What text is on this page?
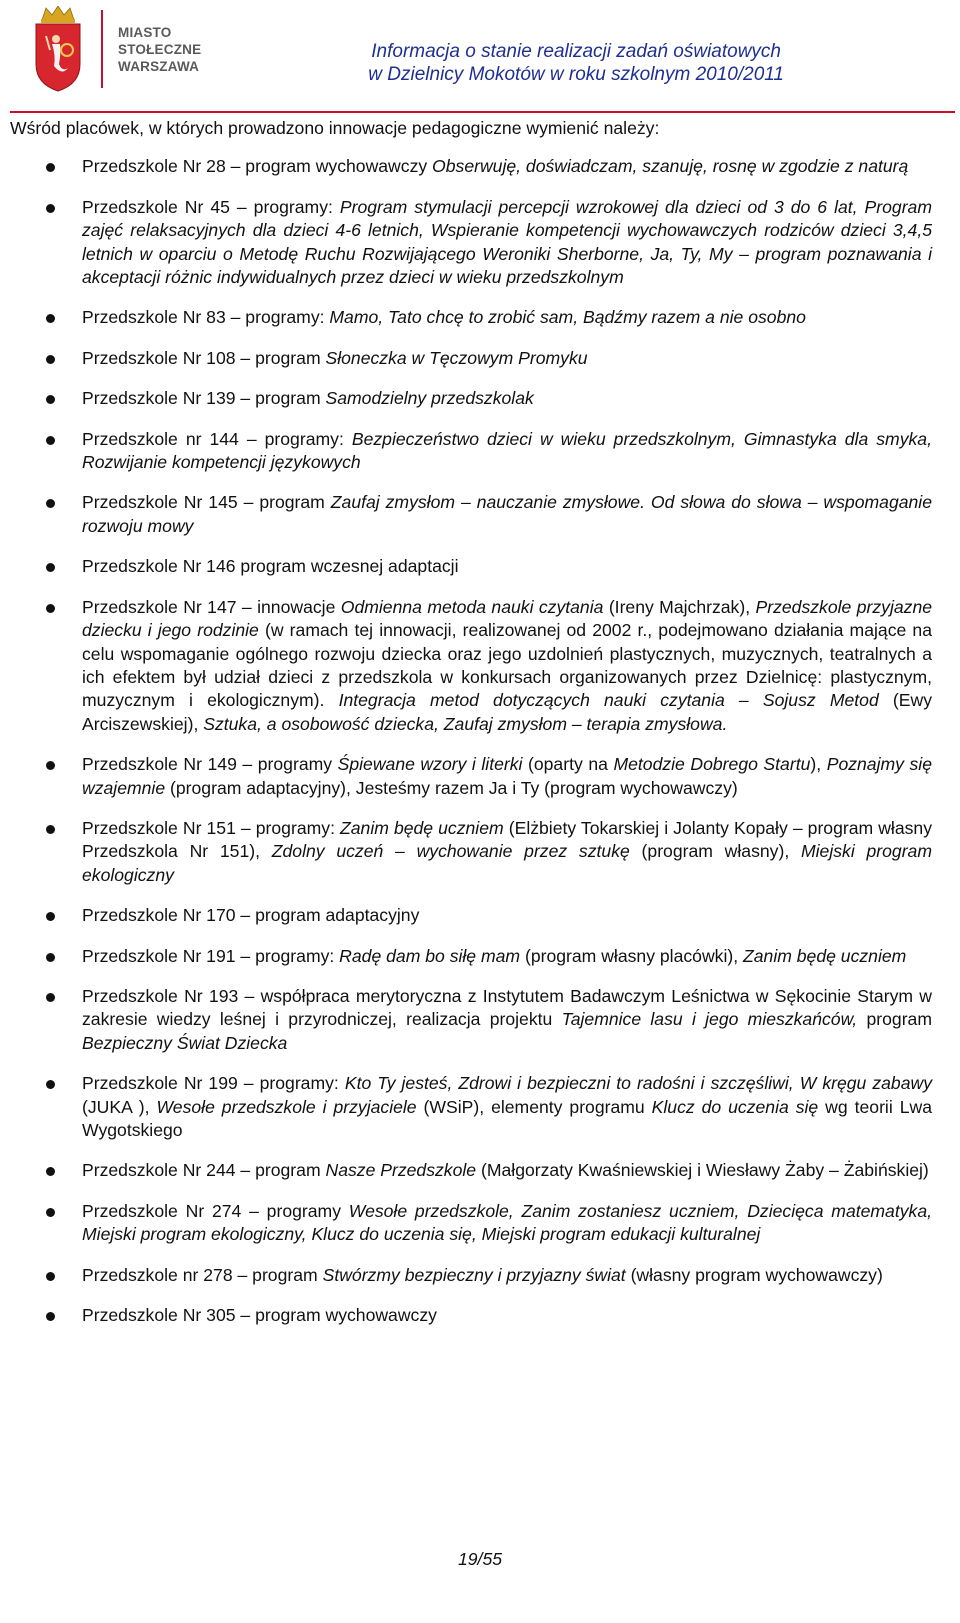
MIASTO
STOŁECZNE
WARSZAWA
Informacja o stanie realizacji zadań oświatowych
w Dzielnicy Mokotów w roku szkolnym 2010/2011

Wśród placówek, w których prowadzono innowacje pedagogiczne wymienić należy:

Przedszkole Nr 28 – program wychowawczy Obserwuję, doświadczam, szanuję, rosnę w zgodzie z naturą
Przedszkole Nr 45 – programy: Program stymulacji percepcji wzrokowej dla dzieci od 3 do 6 lat, Program zajęć relaksacyjnych dla dzieci 4-6 letnich, Wspieranie kompetencji wychowawczych rodziców dzieci 3,4,5 letnich w oparciu o Metodę Ruchu Rozwijającego Weroniki Sherborne, Ja, Ty, My – program poznawania i akceptacji różnic indywidualnych przez dzieci w wieku przedszkolnym
Przedszkole Nr 83 – programy: Mamo, Tato chcę to zrobić sam, Bądźmy razem a nie osobno
Przedszkole Nr 108 – program Słoneczka w Tęczowym Promyku
Przedszkole Nr 139 – program Samodzielny przedszkolak
Przedszkole nr 144 – programy: Bezpieczeństwo dzieci w wieku przedszkolnym, Gimnastyka dla smyka, Rozwijanie kompetencji językowych
Przedszkole Nr 145 – program Zaufaj zmysłom – nauczanie zmysłowe. Od słowa do słowa – wspomaganie rozwoju mowy
Przedszkole Nr 146 program wczesnej adaptacji
Przedszkole Nr 147 – innowacje Odmienna metoda nauki czytania (Ireny Majchrzak), Przedszkole przyjazne dziecku i jego rodzinie (w ramach tej innowacji, realizowanej od 2002 r., podejmowano działania mające na celu wspomaganie ogólnego rozwoju dziecka oraz jego uzdolnień plastycznych, muzycznych, teatralnych a ich efektem był udział dzieci z przedszkola w konkursach organizowanych przez Dzielnicę: plastycznym, muzycznym i ekologicznym). Integracja metod dotyczących nauki czytania – Sojusz Metod (Ewy Arciszewskiej), Sztuka, a osobowość dziecka, Zaufaj zmysłom – terapia zmysłowa.
Przedszkole Nr 149 – programy Śpiewane wzory i literki (oparty na Metodzie Dobrego Startu), Poznajmy się wzajemnie (program adaptacyjny), Jesteśmy razem Ja i Ty (program wychowawczy)
Przedszkole Nr 151 – programy: Zanim będę uczniem (Elżbiety Tokarskiej i Jolanty Kopały – program własny Przedszkola Nr 151), Zdolny uczeń – wychowanie przez sztukę (program własny), Miejski program ekologiczny
Przedszkole Nr 170 – program adaptacyjny
Przedszkole Nr 191 – programy: Radę dam bo siłę mam (program własny placówki), Zanim będę uczniem
Przedszkole Nr 193 – współpraca merytoryczna z Instytutem Badawczym Leśnictwa w Sękocinie Starym w zakresie wiedzy leśnej i przyrodniczej, realizacja projektu Tajemnice lasu i jego mieszkańców, program Bezpieczny Świat Dziecka
Przedszkole Nr 199 – programy: Kto Ty jesteś, Zdrowi i bezpieczni to radośni i szczęśliwi, W kręgu zabawy (JUKA ), Wesołe przedszkole i przyjaciele (WSiP), elementy programu Klucz do uczenia się wg teorii Lwa Wygotskiego
Przedszkole Nr 244 – program Nasze Przedszkole (Małgorzaty Kwaśniewskiej i Wiesławy Żaby – Żabińskiej)
Przedszkole Nr 274 – programy Wesołe przedszkole, Zanim zostaniesz uczniem, Dziecięca matematyka, Miejski program ekologiczny, Klucz do uczenia się, Miejski program edukacji kulturalnej
Przedszkole nr 278 – program Stwórzmy bezpieczny i przyjazny świat (własny program wychowawczy)
Przedszkole Nr 305 – program wychowawczy
19/55
